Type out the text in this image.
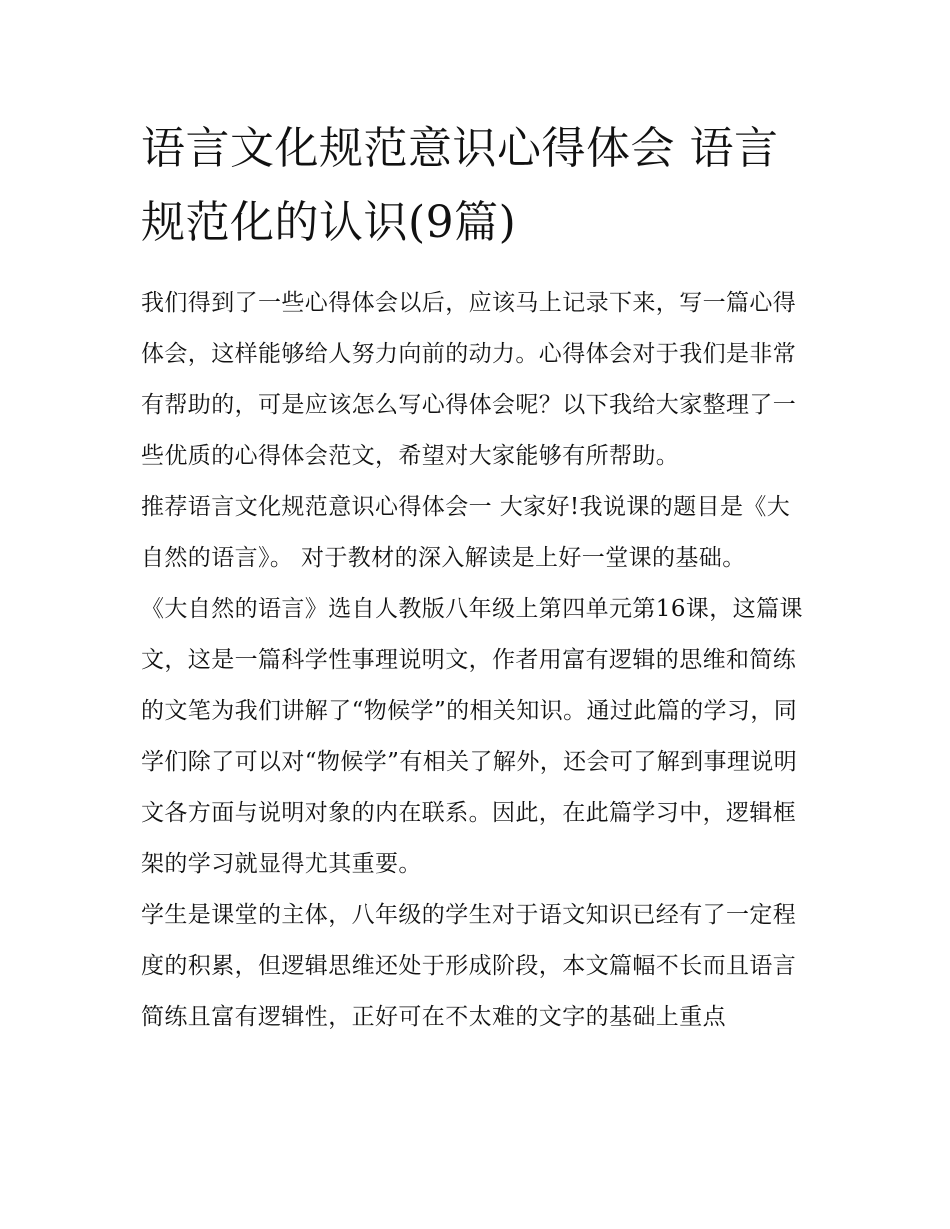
语言文化规范意识心得体会 语言规范化的认识(9篇)

我们得到了一些心得体会以后，应该马上记录下来，写一篇心得体会，这样能够给人努力向前的动力。心得体会对于我们是非常有帮助的，可是应该怎么写心得体会呢？以下我给大家整理了一些优质的心得体会范文，希望对大家能够有所帮助。

推荐语言文化规范意识心得体会一 大家好!我说课的题目是《大自然的语言》。 对于教材的深入解读是上好一堂课的基础。

《大自然的语言》选自人教版八年级上第四单元第16课，这篇课文，这是一篇科学性事理说明文，作者用富有逻辑的思维和简练的文笔为我们讲解了“物候学”的相关知识。通过此篇的学习，同学们除了可以对“物候学”有相关了解外，还会可了解到事理说明文各方面与说明对象的内在联系。因此，在此篇学习中，逻辑框架的学习就显得尤其重要。

学生是课堂的主体，八年级的学生对于语文知识已经有了一定程度的积累，但逻辑思维还处于形成阶段，本文篇幅不长而且语言简练且富有逻辑性，正好可在不太难的文字的基础上重点
